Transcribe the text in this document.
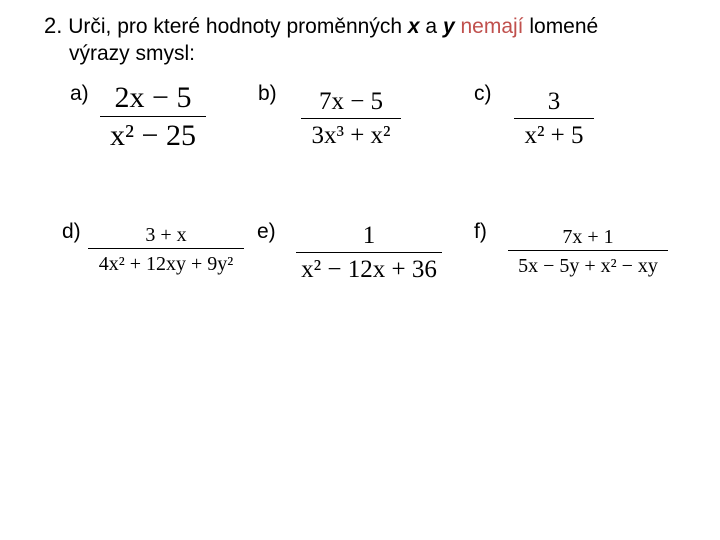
2. Urči, pro které hodnoty proměnných x a y nemají lomené
výrazy smysl:
a) 2x − 5
x² − 25
b)	7x − 5
3x³ + x²
c)	3
x² + 5
d)	3 + x
4x² + 12xy + 9y²
e)	1
x² − 12x + 36
f)	7x + 1
5x − 5y + x² − xy
